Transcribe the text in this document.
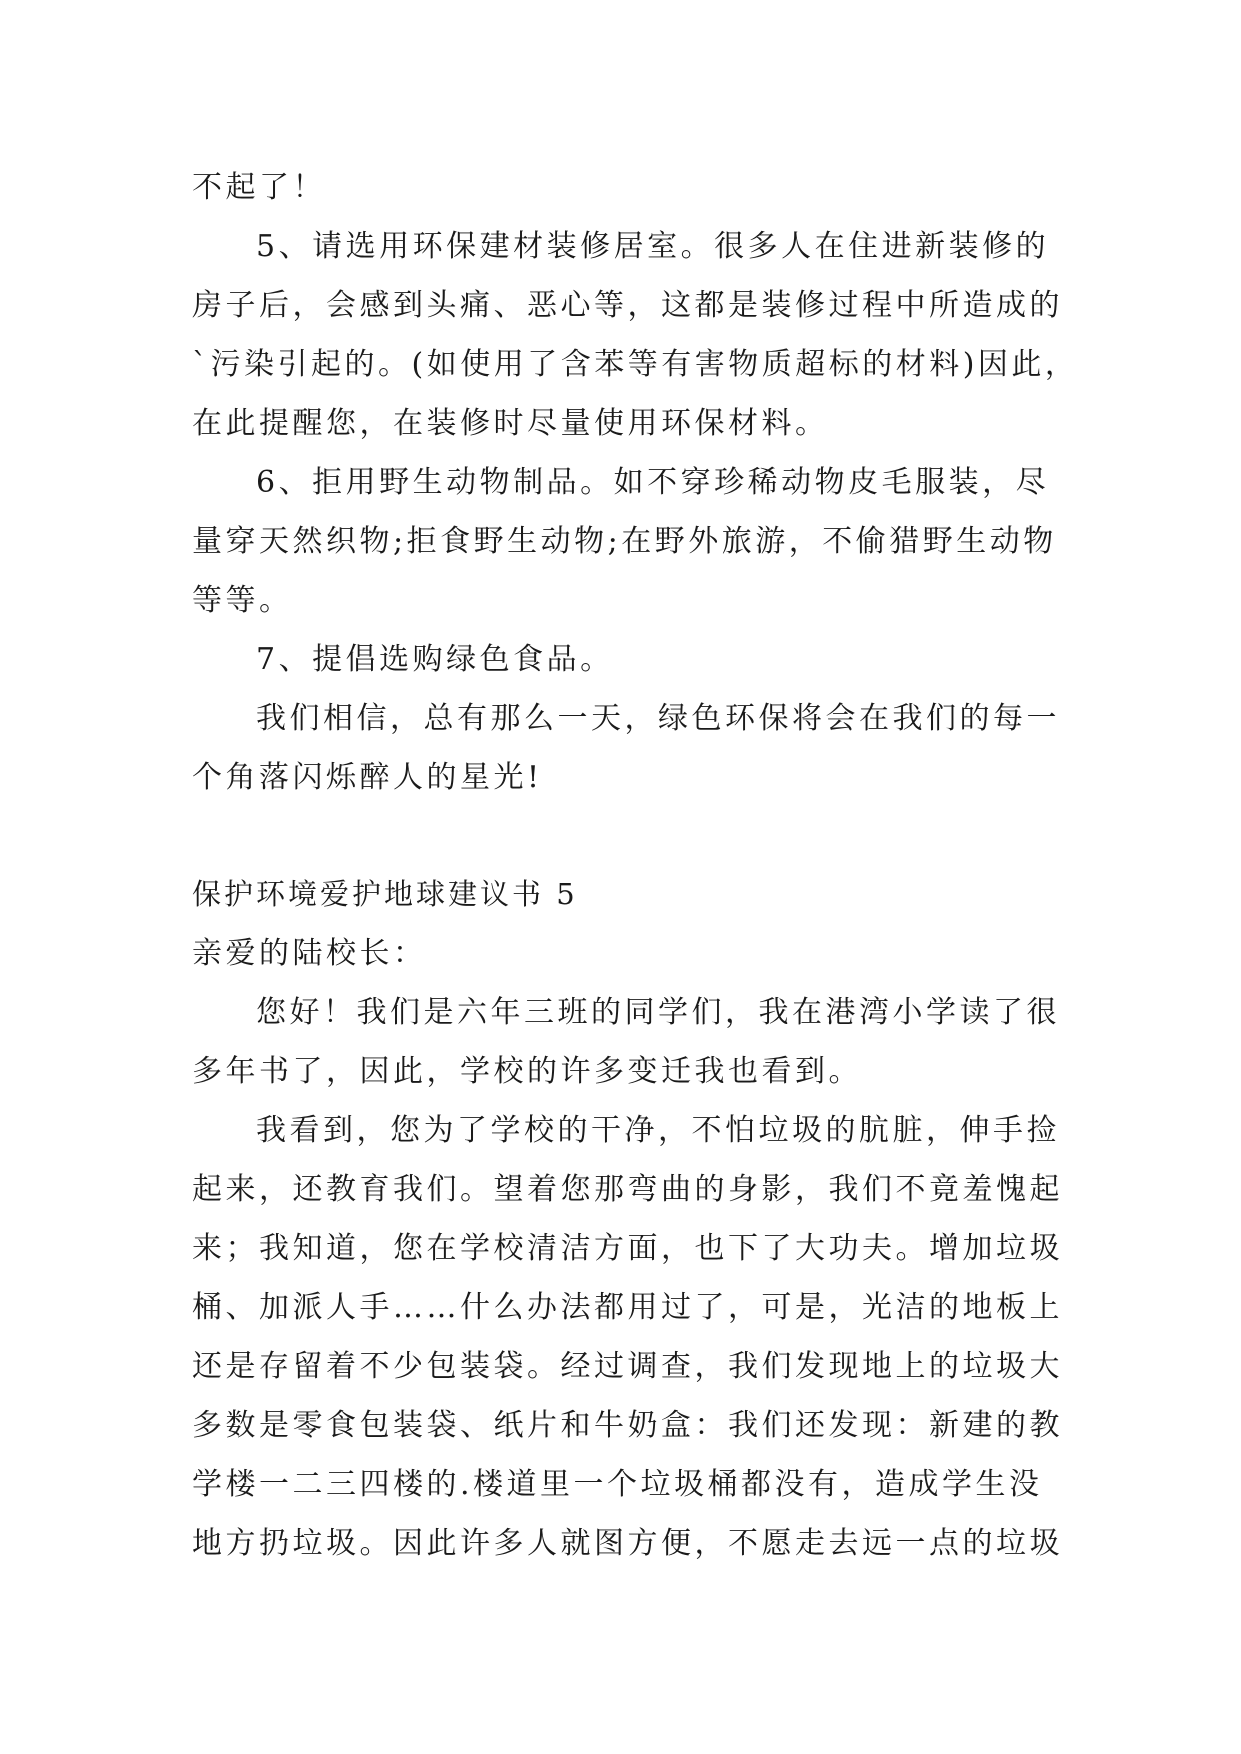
不起了！
5、请选用环保建材装修居室。很多人在住进新装修的
房子后，会感到头痛、恶心等，这都是装修过程中所造成的
`污染引起的。(如使用了含苯等有害物质超标的材料)因此，
在此提醒您，在装修时尽量使用环保材料。
6、拒用野生动物制品。如不穿珍稀动物皮毛服装，尽
量穿天然织物;拒食野生动物;在野外旅游，不偷猎野生动物
等等。
7、提倡选购绿色食品。
我们相信，总有那么一天，绿色环保将会在我们的每一
个角落闪烁醉人的星光!
保护环境爱护地球建议书 5
亲爱的陆校长：
您好！我们是六年三班的同学们，我在港湾小学读了很
多年书了，因此，学校的许多变迁我也看到。
我看到，您为了学校的干净，不怕垃圾的肮脏，伸手捡
起来，还教育我们。望着您那弯曲的身影，我们不竟羞愧起
来；我知道，您在学校清洁方面，也下了大功夫。增加垃圾
桶、加派人手……什么办法都用过了，可是，光洁的地板上
还是存留着不少包装袋。经过调查，我们发现地上的垃圾大
多数是零食包装袋、纸片和牛奶盒：我们还发现：新建的教
学楼一二三四楼的.楼道里一个垃圾桶都没有，造成学生没
地方扔垃圾。因此许多人就图方便，不愿走去远一点的垃圾
